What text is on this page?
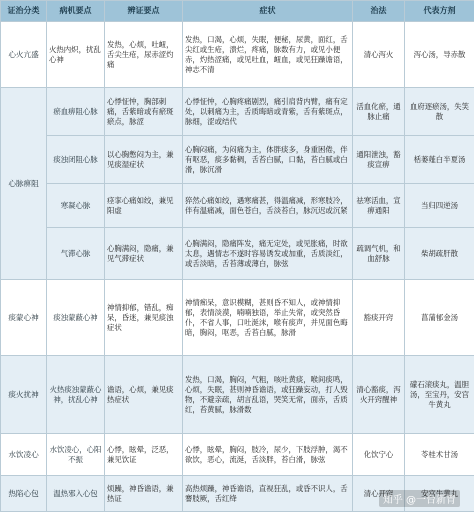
证治分类	病机要点	辨证要点	症状	治法	代表方剂
心火亢盛	火热内炽，扰乱心神	发热，心烦，吐衄，舌尖生疮，尿赤涩灼痛	发热，口渴，心烦，失眠，便秘，尿黄，面红，舌尖红或生疮，溃烂，疼痛，脉数有力，或见小便赤，灼热涩痛，或见吐血，衄血，或见狂躁谵语，神志不清	清心泻火	泻心汤，导赤散
心脉痹阻	瘀血痹阻心脉	心悸怔忡，胸部刺痛，舌紫暗或有瘀斑瘀点，脉涩	心悸怔忡，心胸疼痛剧烈，痛引肩背内臂，痛有定处，以刺痛为主，舌质晦暗或青紫，舌有紫斑点，脉细，涩或结代	活血化瘀，通脉止痛	血府逐瘀汤，失笑散
	痰浊闭阻心脉	以心胸憋闷为主，兼见痰湿症状	心胸闷痛，为闷痛为主，体胖痰多，身重困倦，伴有呕恶，痰多黏稠，舌苔白腻，口黏，苔白腻或白滑，脉沉滑	通阳泄浊，豁痰宣痹	栝蒌薤白半夏汤
	寒凝心脉	痉挛心痛如绞，兼见阳虚	猝然心痛如绞，遇寒痛甚，得温痛减，形寒肢冷，伴有温痛减，面色苍白，舌淡苔白，脉沉迟或沉紧	祛寒活血，宣痹通阳	当归四逆汤
	气滞心脉	心胸满闷，隐痛，兼见气滞症状	心胸满闷，隐痛阵发，痛无定处，或见胀痛，时欲太息，遇情志不遂时容易诱发或加重，舌质淡红，或舌淡暗，舌苔薄或薄白，脉弦	疏调气机，和血舒脉	柴胡疏肝散
痰蒙心神	痰浊蒙蔽心神	神情抑郁，错乱，痴呆，昏迷，兼见痰浊症状	神情痴呆，意识模糊，甚则昏不知人，或神情抑郁，表情淡漠，喃喃独语，举止失常，或突然昏仆，不省人事，口吐涎沫，喉有痰声，并见面色晦暗，胸闷，呕恶，舌苔白腻，脉滑	豁痰开窍	菖蒲郁金汤
痰火扰神	火热痰浊蒙蔽心神，扰乱心神	谵语，心烦，兼见痰热症状	发热，口渴，胸闷，气粗，咳吐黄痰，喉间痰鸣，心烦，失眠，甚则神昏谵语，或狂躁妄动，打人毁物，不避亲疏，胡言乱语，哭笑无常，面赤，舌质红，苔黄腻，脉滑数	清心豁痰，泻火开窍醒神	礞石滚痰丸，温胆汤，至宝丹，安宫牛黄丸
水饮凌心	水饮凌心，心阳不振	心悸，眩晕，泛恶，兼见饮证	心悸，眩晕，胸闷，肢冷，尿少，下肢浮肿，渴不欲饮，恶心，流涎，舌淡胖，苔白滑，脉弦	化饮宁心	苓桂术甘汤
热陷心包	温热邪入心包	烦躁，神昏谵语，兼热证	高热烦躁，神昏谵语，直视狂乱，或昏不识人，舌謇肢厥，舌红绛	清心开窍	安宫牛黄丸
知乎 @一台新胃
